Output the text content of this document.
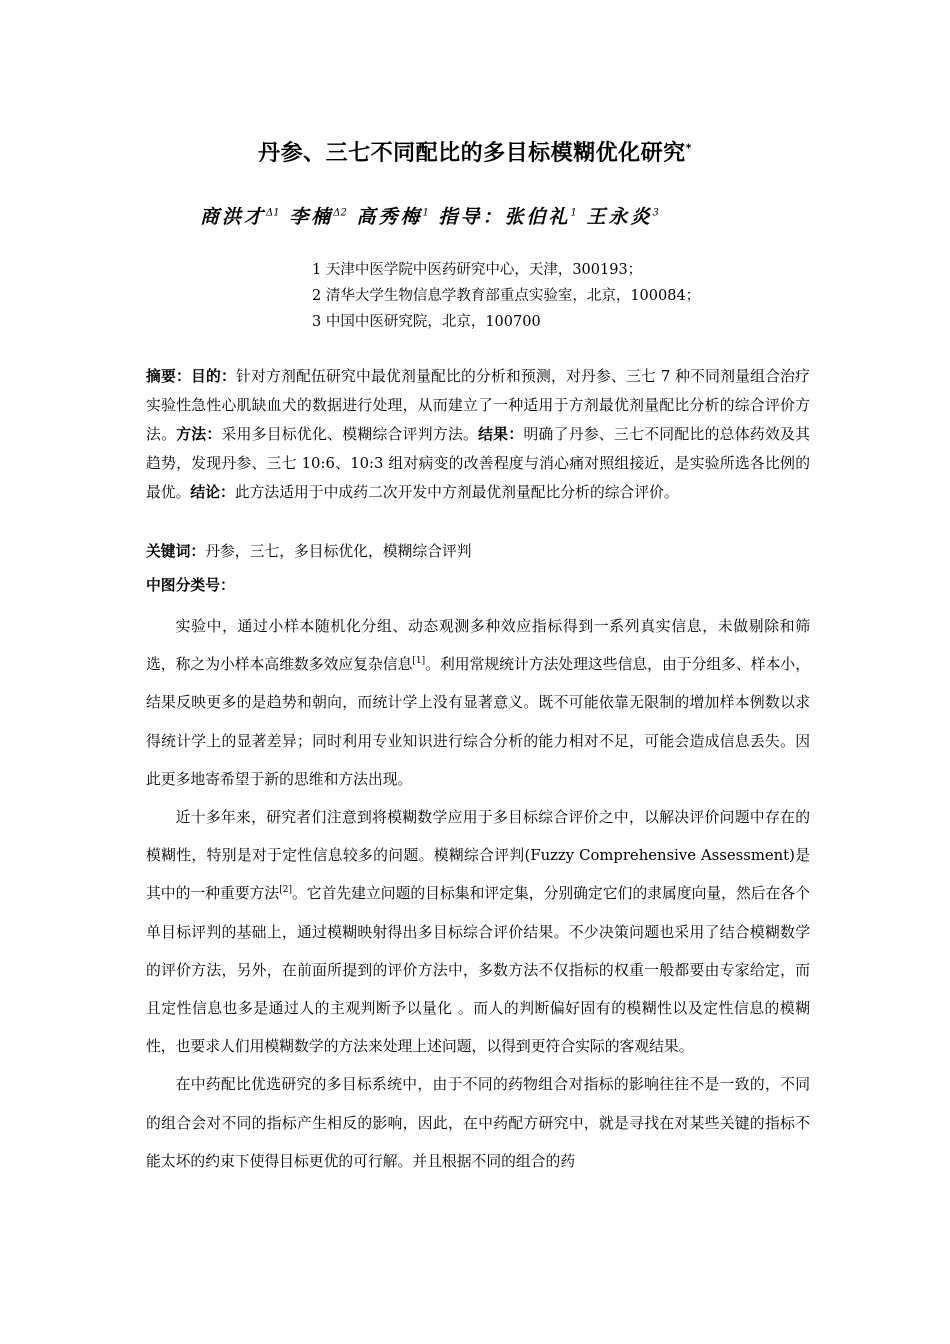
丹参、三七不同配比的多目标模糊优化研究*
商洪才$^{\Delta 1}$ 李楠$^{\Delta 2}$ 高秀梅$^1$ 指导：张伯礼$^1$ 王永炎$^3$
1 天津中医学院中医药研究中心，天津，300193；
2 清华大学生物信息学教育部重点实验室，北京，100084；
3 中国中医研究院，北京，100700
摘要：目的：针对方剂配伍研究中最优剂量配比的分析和预测，对丹参、三七 7 种不同剂量组合治疗实验性急性心肌缺血犬的数据进行处理，从而建立了一种适用于方剂最优剂量配比分析的综合评价方法。方法：采用多目标优化、模糊综合评判方法。结果：明确了丹参、三七不同配比的总体药效及其趋势，发现丹参、三七 10:6、10:3 组对病变的改善程度与消心痛对照组接近，是实验所选各比例的最优。结论：此方法适用于中成药二次开发中方剂最优剂量配比分析的综合评价。
关键词：丹参，三七，多目标优化，模糊综合评判
中图分类号：

实验中，通过小样本随机化分组、动态观测多种效应指标得到一系列真实信息，未做剔除和筛选，称之为小样本高维数多效应复杂信息[1]。利用常规统计方法处理这些信息，由于分组多、样本小，结果反映更多的是趋势和朝向，而统计学上没有显著意义。既不可能依靠无限制的增加样本例数以求得统计学上的显著差异；同时利用专业知识进行综合分析的能力相对不足，可能会造成信息丢失。因此更多地寄希望于新的思维和方法出现。

近十多年来，研究者们注意到将模糊数学应用于多目标综合评价之中，以解决评价问题中存在的模糊性，特别是对于定性信息较多的问题。模糊综合评判(Fuzzy Comprehensive Assessment)是其中的一种重要方法[2]。它首先建立问题的目标集和评定集，分别确定它们的隶属度向量，然后在各个单目标评判的基础上，通过模糊映射得出多目标综合评价结果。不少决策问题也采用了结合模糊数学的评价方法，另外，在前面所提到的评价方法中，多数方法不仅指标的权重一般都要由专家给定，而且定性信息也多是通过人的主观判断予以量化 。而人的判断偏好固有的模糊性以及定性信息的模糊性，也要求人们用模糊数学的方法来处理上述问题，以得到更符合实际的客观结果。

在中药配比优选研究的多目标系统中，由于不同的药物组合对指标的影响往往不是一致的，不同的组合会对不同的指标产生相反的影响，因此，在中药配方研究中，就是寻找在对某些关键的指标不能太坏的约束下使得目标更优的可行解。并且根据不同的组合的药
